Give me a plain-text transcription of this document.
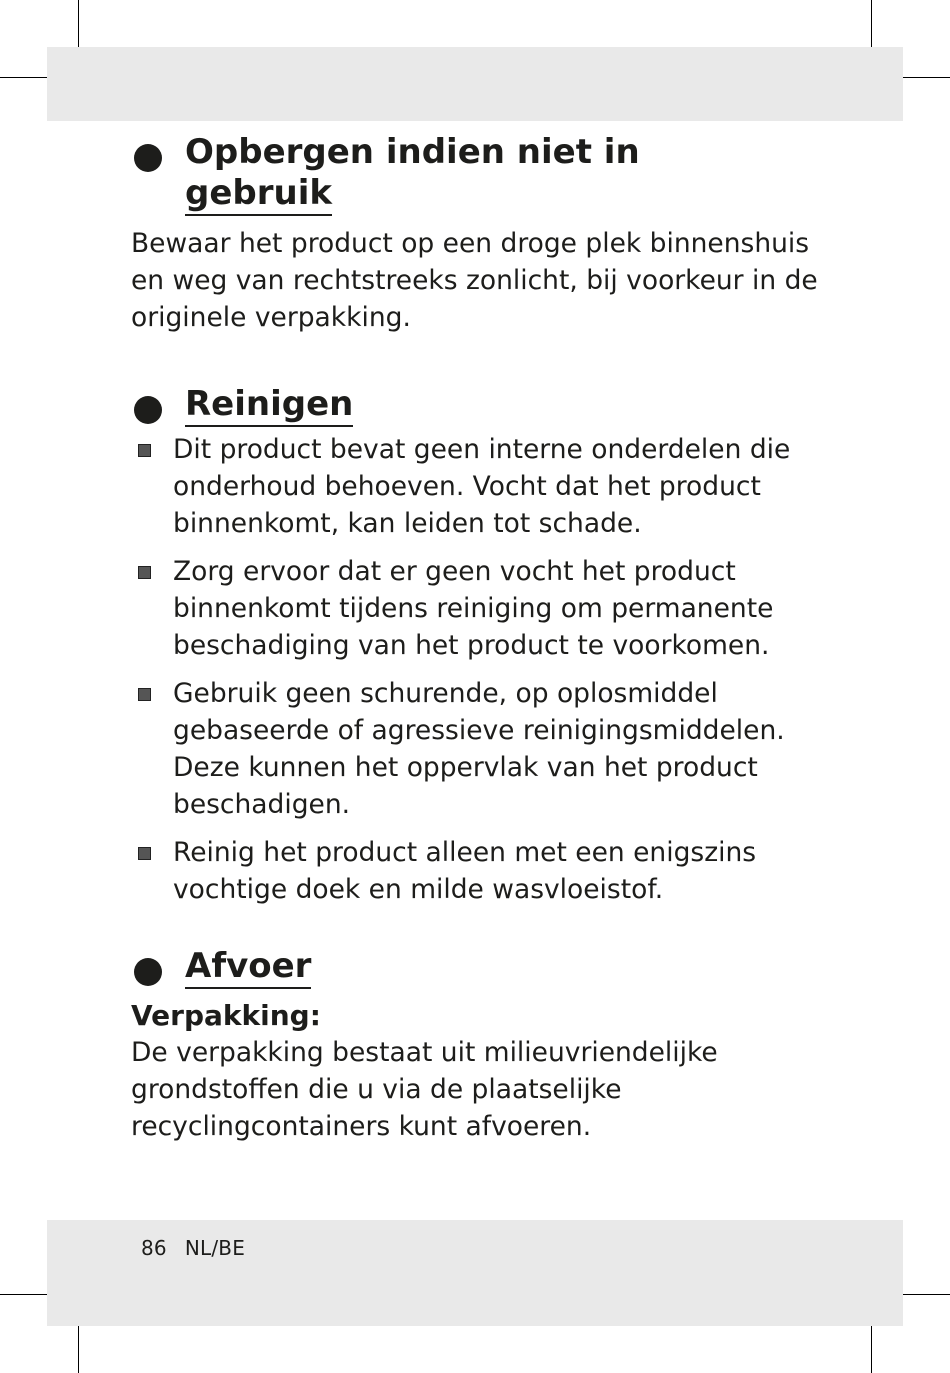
Opbergen indien niet in
gebruik

Bewaar het product op een droge plek binnenshuis en weg van rechtstreeks zonlicht, bij voorkeur in de originele verpakking.

Reinigen
Dit product bevat geen interne onderdelen die onderhoud behoeven. Vocht dat het product binnenkomt, kan leiden tot schade.
Zorg ervoor dat er geen vocht het product binnenkomt tijdens reiniging om permanente beschadiging van het product te voorkomen.
Gebruik geen schurende, op oplosmiddel gebaseerde of agressieve reinigingsmiddelen. Deze kunnen het oppervlak van het product beschadigen.
Reinig het product alleen met een enigszins vochtige doek en milde wasvloeistof.
Afvoer

Verpakking:

De verpakking bestaat uit milieuvriendelijke grondstoffen die u via de plaatselijke recyclingcontainers kunt afvoeren.

86 NL/BE
